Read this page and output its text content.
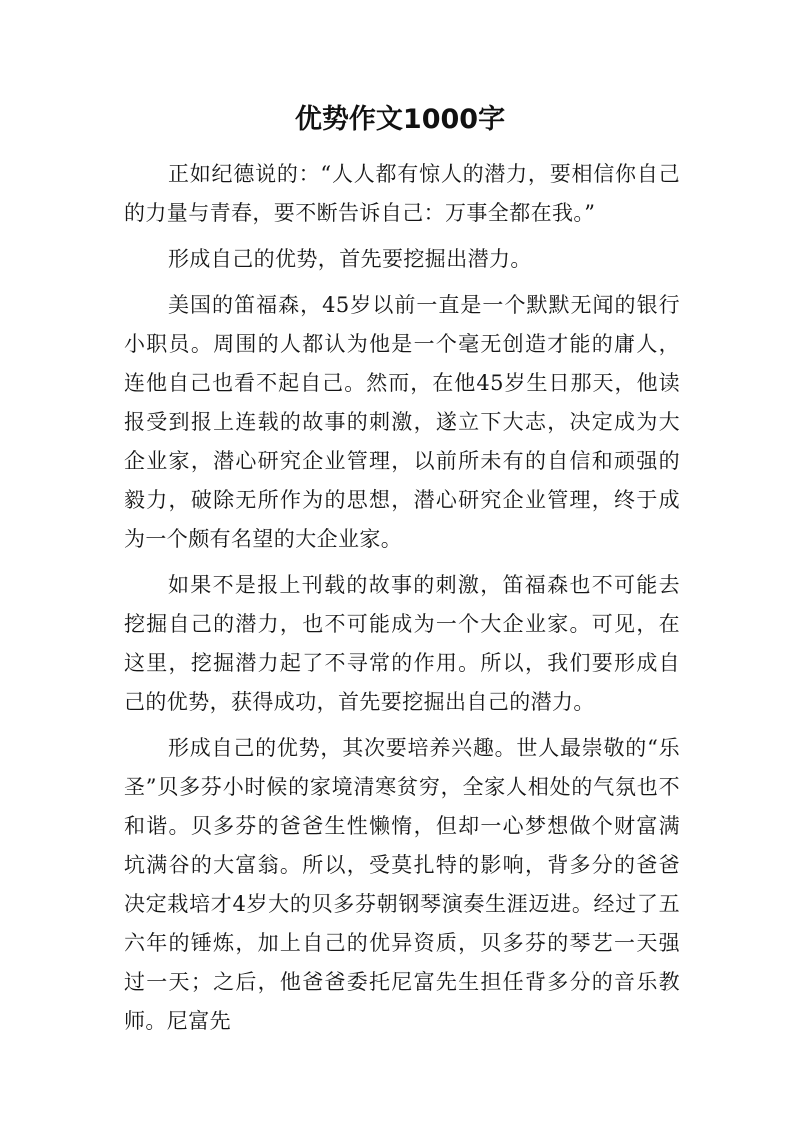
优势作文1000字

正如纪德说的：“人人都有惊人的潜力，要相信你自己的力量与青春，要不断告诉自己：万事全都在我。”

形成自己的优势，首先要挖掘出潜力。

美国的笛福森，45岁以前一直是一个默默无闻的银行小职员。周围的人都认为他是一个毫无创造才能的庸人，连他自己也看不起自己。然而，在他45岁生日那天，他读报受到报上连载的故事的刺激，遂立下大志，决定成为大企业家，潜心研究企业管理，以前所未有的自信和顽强的毅力，破除无所作为的思想，潜心研究企业管理，终于成为一个颇有名望的大企业家。

如果不是报上刊载的故事的刺激，笛福森也不可能去挖掘自己的潜力，也不可能成为一个大企业家。可见，在这里，挖掘潜力起了不寻常的作用。所以，我们要形成自己的优势，获得成功，首先要挖掘出自己的潜力。

形成自己的优势，其次要培养兴趣。世人最崇敬的“乐圣”贝多芬小时候的家境清寒贫穷，全家人相处的气氛也不和谐。贝多芬的爸爸生性懒惰，但却一心梦想做个财富满坑满谷的大富翁。所以，受莫扎特的影响，背多分的爸爸决定栽培才4岁大的贝多芬朝钢琴演奏生涯迈进。经过了五六年的锤炼，加上自己的优异资质，贝多芬的琴艺一天强过一天；之后，他爸爸委托尼富先生担任背多分的音乐教师。尼富先
